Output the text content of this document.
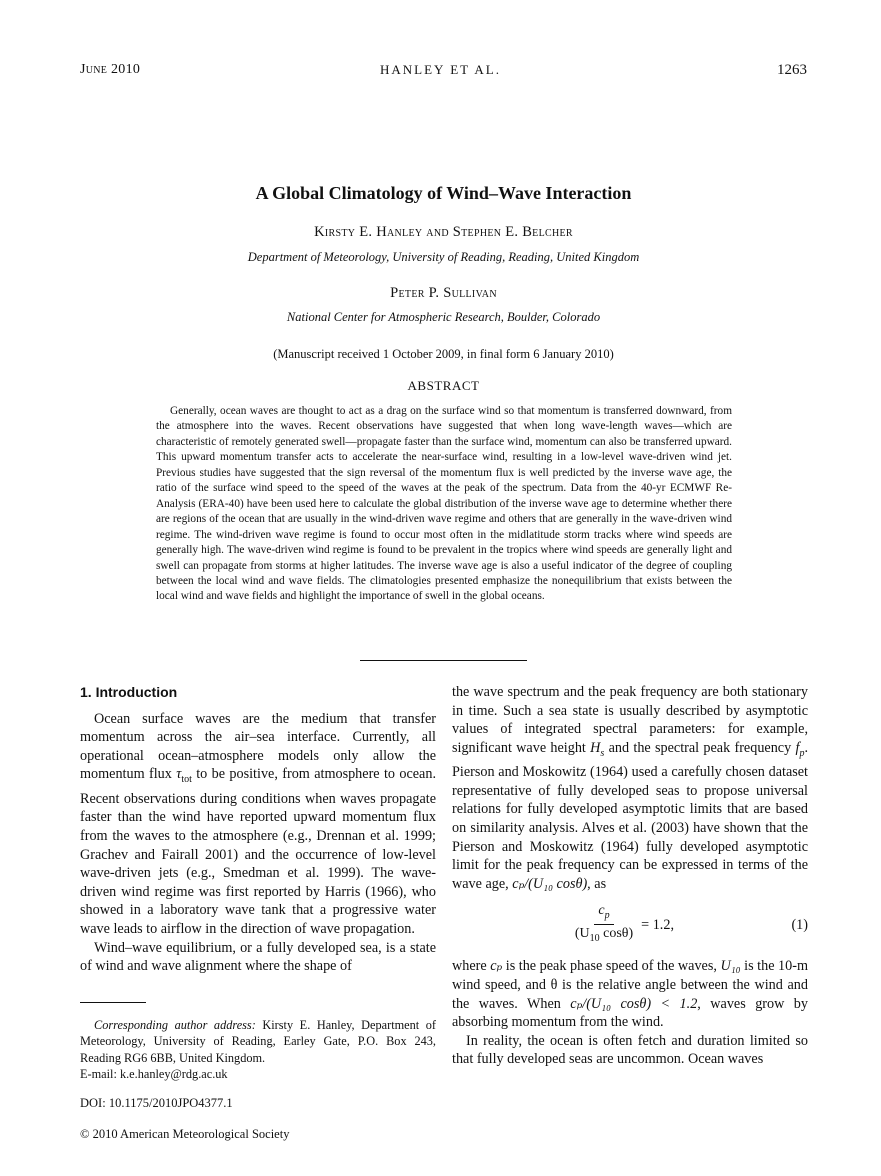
June 2010	HANLEY ET AL.	1263
A Global Climatology of Wind–Wave Interaction
Kirsty E. Hanley and Stephen E. Belcher
Department of Meteorology, University of Reading, Reading, United Kingdom
Peter P. Sullivan
National Center for Atmospheric Research, Boulder, Colorado
(Manuscript received 1 October 2009, in final form 6 January 2010)
ABSTRACT

Generally, ocean waves are thought to act as a drag on the surface wind so that momentum is transferred downward, from the atmosphere into the waves. Recent observations have suggested that when long wave-length waves—which are characteristic of remotely generated swell—propagate faster than the surface wind, momentum can also be transferred upward. This upward momentum transfer acts to accelerate the near-surface wind, resulting in a low-level wave-driven wind jet. Previous studies have suggested that the sign reversal of the momentum flux is well predicted by the inverse wave age, the ratio of the surface wind speed to the speed of the waves at the peak of the spectrum. Data from the 40-yr ECMWF Re-Analysis (ERA-40) have been used here to calculate the global distribution of the inverse wave age to determine whether there are regions of the ocean that are usually in the wind-driven wave regime and others that are generally in the wave-driven wind regime. The wind-driven wave regime is found to occur most often in the midlatitude storm tracks where wind speeds are generally high. The wave-driven wind regime is found to be prevalent in the tropics where wind speeds are generally light and swell can propagate from storms at higher latitudes. The inverse wave age is also a useful indicator of the degree of coupling between the local wind and wave fields. The climatologies presented emphasize the nonequilibrium that exists between the local wind and wave fields and highlight the importance of swell in the global oceans.

1. Introduction

Ocean surface waves are the medium that transfer momentum across the air–sea interface. Currently, all operational ocean–atmosphere models only allow the momentum flux $\tau_{tot}$ to be positive, from atmosphere to ocean. Recent observations during conditions when waves propagate faster than the wind have reported upward momentum flux from the waves to the atmosphere (e.g., Drennan et al. 1999; Grachev and Fairall 2001) and the occurrence of low-level wave-driven jets (e.g., Smedman et al. 1999). The wave-driven wind regime was first reported by Harris (1966), who showed in a laboratory wave tank that a progressive water wave leads to airflow in the direction of wave propagation.

Wind–wave equilibrium, or a fully developed sea, is a state of wind and wave alignment where the shape of

the wave spectrum and the peak frequency are both stationary in time. Such a sea state is usually described by asymptotic values of integrated spectral parameters: for example, significant wave height $H_s$ and the spectral peak frequency $f_p$. Pierson and Moskowitz (1964) used a carefully chosen dataset representative of fully developed seas to propose universal relations for fully developed asymptotic limits that are based on similarity analysis. Alves et al. (2003) have shown that the Pierson and Moskowitz (1964) fully developed asymptotic limit for the peak frequency can be expressed in terms of the wave age, cₚ/(U₁₀ cosθ), as

$\frac{c_p}{(U_{10} \cos\theta)} = 1.2$,	(1)

where cₚ is the peak phase speed of the waves, U₁₀ is the 10-m wind speed, and θ is the relative angle between the wind and the waves. When cₚ/(U₁₀ cosθ) < 1.2, waves grow by absorbing momentum from the wind.

In reality, the ocean is often fetch and duration limited so that fully developed seas are uncommon. Ocean waves

Corresponding author address: Kirsty E. Hanley, Department of Meteorology, University of Reading, Earley Gate, P.O. Box 243, Reading RG6 6BB, United Kingdom.

E-mail: k.e.hanley@rdg.ac.uk

DOI: 10.1175/2010JPO4377.1
© 2010 American Meteorological Society
